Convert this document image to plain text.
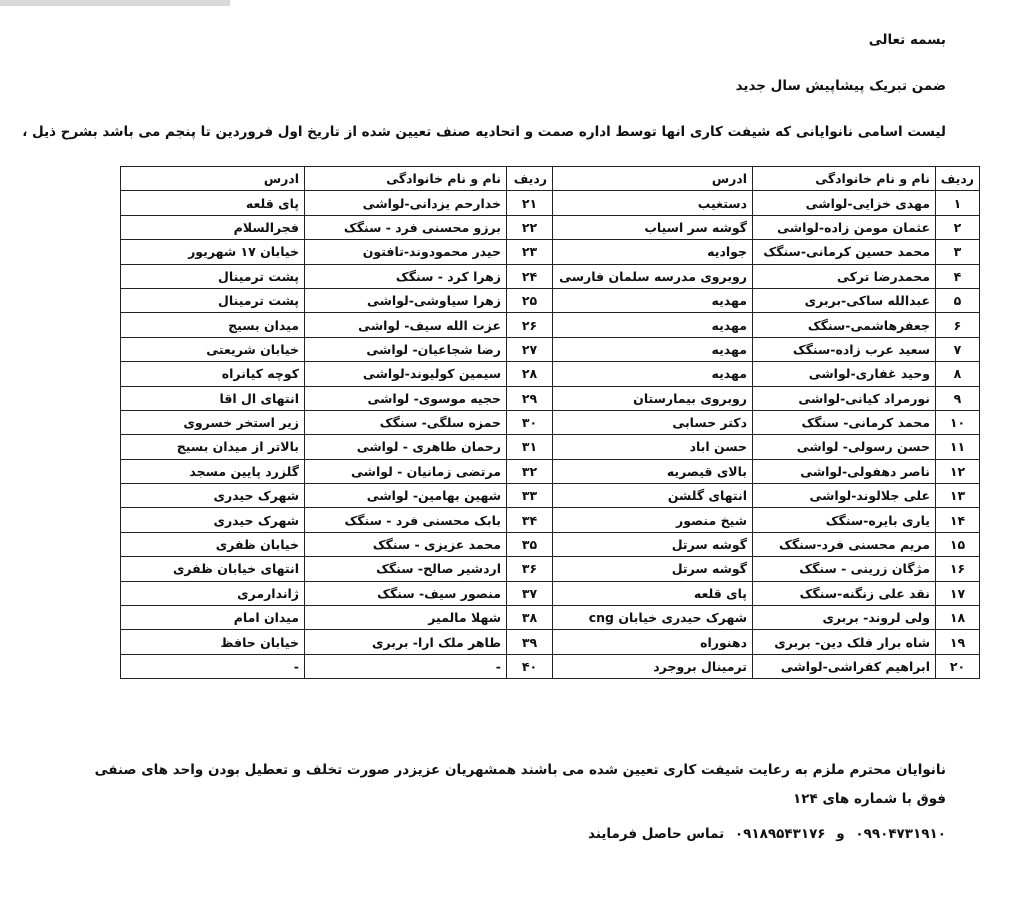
بسمه تعالی
ضمن تبریک پیشاپیش سال جدید
لیست اسامی نانوایانی که شیفت کاری انها توسط اداره صمت و اتحادیه صنف تعیین شده از تاریخ اول فروردین تا پنجم می باشد بشرح ذیل ،
ردیف	نام و نام خانوادگی	ادرس	ردیف	نام و نام خانوادگی	ادرس
۱	مهدی خزایی-لواشی	دستغیب	۲۱	خدارحم یزدانی-لواشی	پای قلعه
۲	عثمان مومن زاده-لواشی	گوشه سر اسیاب	۲۲	برزو محسنی فرد - سنگک	فجرالسلام
۳	محمد حسین کرمانی-سنگک	جوادیه	۲۳	حیدر محمودوند-تافتون	خیابان ۱۷ شهریور
۴	محمدرضا ترکی	روبروی مدرسه سلمان فارسی	۲۴	زهرا کرد - سنگک	پشت ترمینال
۵	عبدالله ساکی-بربری	مهدیه	۲۵	زهرا سیاوشی-لواشی	پشت ترمینال
۶	جعفرهاشمی-سنگک	مهدیه	۲۶	عزت الله سیف- لواشی	میدان بسیج
۷	سعید عرب زاده-سنگک	مهدیه	۲۷	رضا شجاعیان- لواشی	خیابان شریعتی
۸	وحید غفاری-لواشی	مهدیه	۲۸	سیمین کولیوند-لواشی	کوچه کیانراه
۹	نورمراد کیانی-لواشی	روبروی بیمارستان	۲۹	حجیه موسوی- لواشی	انتهای ال اقا
۱۰	محمد کرمانی- سنگک	دکتر حسابی	۳۰	حمزه سلگی- سنگک	زیر استخر خسروی
۱۱	حسن رسولی- لواشی	حسن اباد	۳۱	رحمان طاهری - لواشی	بالاتر از میدان بسیج
۱۲	ناصر دهفولی-لواشی	بالای قیصریه	۳۲	مرتضی زمانیان - لواشی	گلزرد پایین مسجد
۱۳	علی جلالوند-لواشی	انتهای گلشن	۳۳	شهین بهامین- لواشی	شهرک حیدری
۱۴	یاری بایره-سنگک	شیخ منصور	۳۴	بابک محسنی فرد - سنگک	شهرک حیدری
۱۵	مریم محسنی فرد-سنگک	گوشه سرتل	۳۵	محمد عزیزی - سنگک	خیابان ظفری
۱۶	مژگان زرینی - سنگک	گوشه سرتل	۳۶	اردشیر صالح- سنگک	انتهای خیابان ظفری
۱۷	نقد علی زنگنه-سنگک	پای قلعه	۳۷	منصور سیف- سنگک	ژاندارمری
۱۸	ولی لروند- بربری	شهرک حیدری خیابان cng	۳۸	شهلا مالمیر	میدان امام
۱۹	شاه برار فلک دین- بربری	دهنوراه	۳۹	طاهر ملک ارا- بربری	خیابان حافظ
۲۰	ابراهیم کفراشی-لواشی	ترمینال بروجرد	۴۰	-	-
نانوایان محترم ملزم به رعایت شیفت کاری تعیین شده می باشند همشهریان عزیزدر صورت تخلف و تعطیل بودن واحد های صنفی فوق با شماره های ۱۲۴
۰۹۹۰۴۷۳۱۹۱۰ و ۰۹۱۸۹۵۴۳۱۷۶ تماس حاصل فرمایند
